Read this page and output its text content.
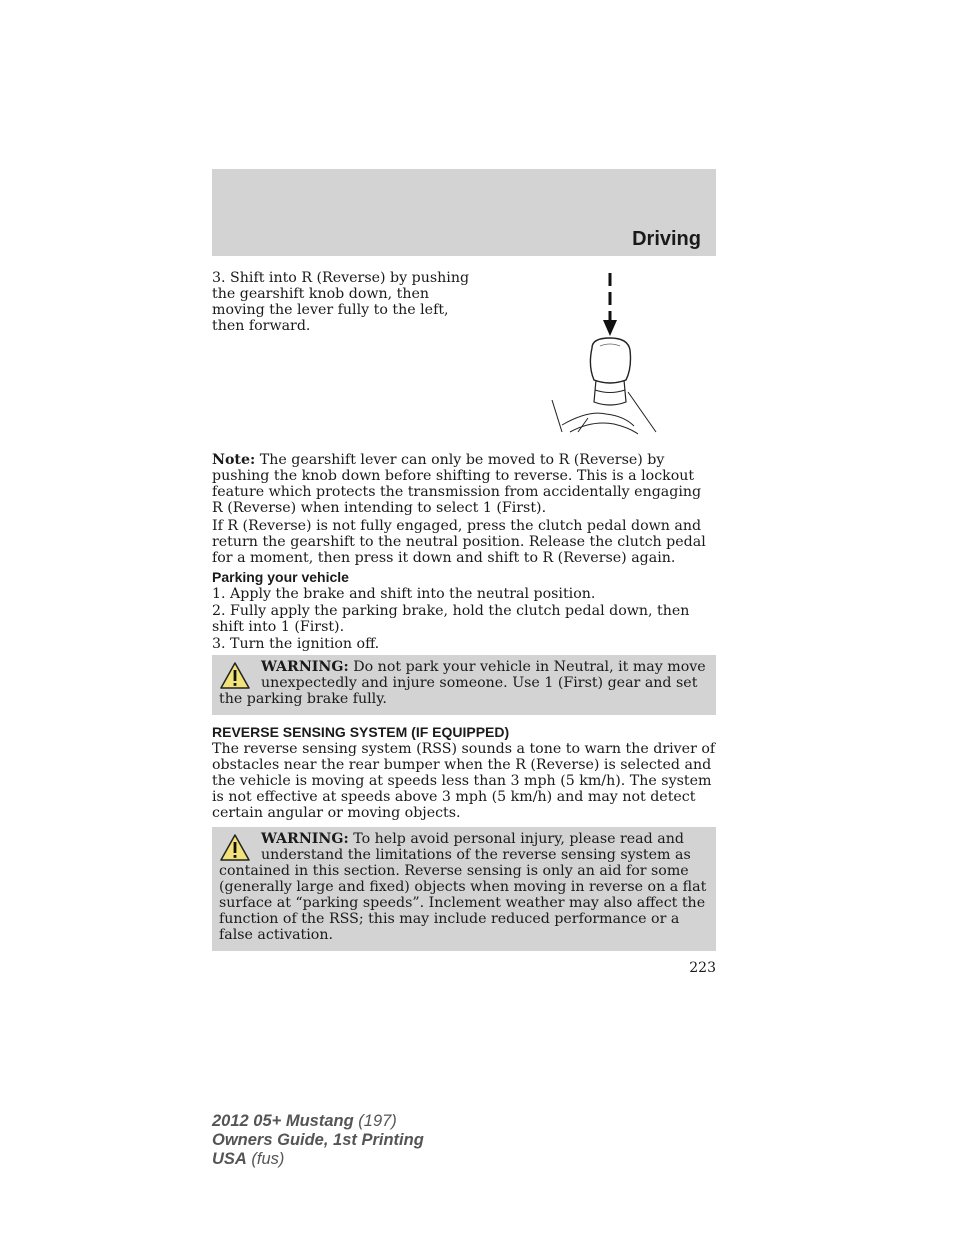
Driving

3. Shift into R (Reverse) by pushing the gearshift knob down, then moving the lever fully to the left, then forward.

Note: The gearshift lever can only be moved to R (Reverse) by pushing the knob down before shifting to reverse. This is a lockout feature which protects the transmission from accidentally engaging R (Reverse) when intending to select 1 (First).

If R (Reverse) is not fully engaged, press the clutch pedal down and return the gearshift to the neutral position. Release the clutch pedal for a moment, then press it down and shift to R (Reverse) again.

Parking your vehicle

1. Apply the brake and shift into the neutral position.

2. Fully apply the parking brake, hold the clutch pedal down, then shift into 1 (First).

3. Turn the ignition off.

WARNING: Do not park your vehicle in Neutral, it may move unexpectedly and injure someone. Use 1 (First) gear and set the parking brake fully.
REVERSE SENSING SYSTEM (IF EQUIPPED)

The reverse sensing system (RSS) sounds a tone to warn the driver of obstacles near the rear bumper when the R (Reverse) is selected and the vehicle is moving at speeds less than 3 mph (5 km/h). The system is not effective at speeds above 3 mph (5 km/h) and may not detect certain angular or moving objects.

WARNING: To help avoid personal injury, please read and understand the limitations of the reverse sensing system as contained in this section. Reverse sensing is only an aid for some (generally large and fixed) objects when moving in reverse on a flat surface at “parking speeds”. Inclement weather may also affect the function of the RSS; this may include reduced performance or a false activation.
223
2012 05+ Mustang (197)
Owners Guide, 1st Printing
USA (fus)
